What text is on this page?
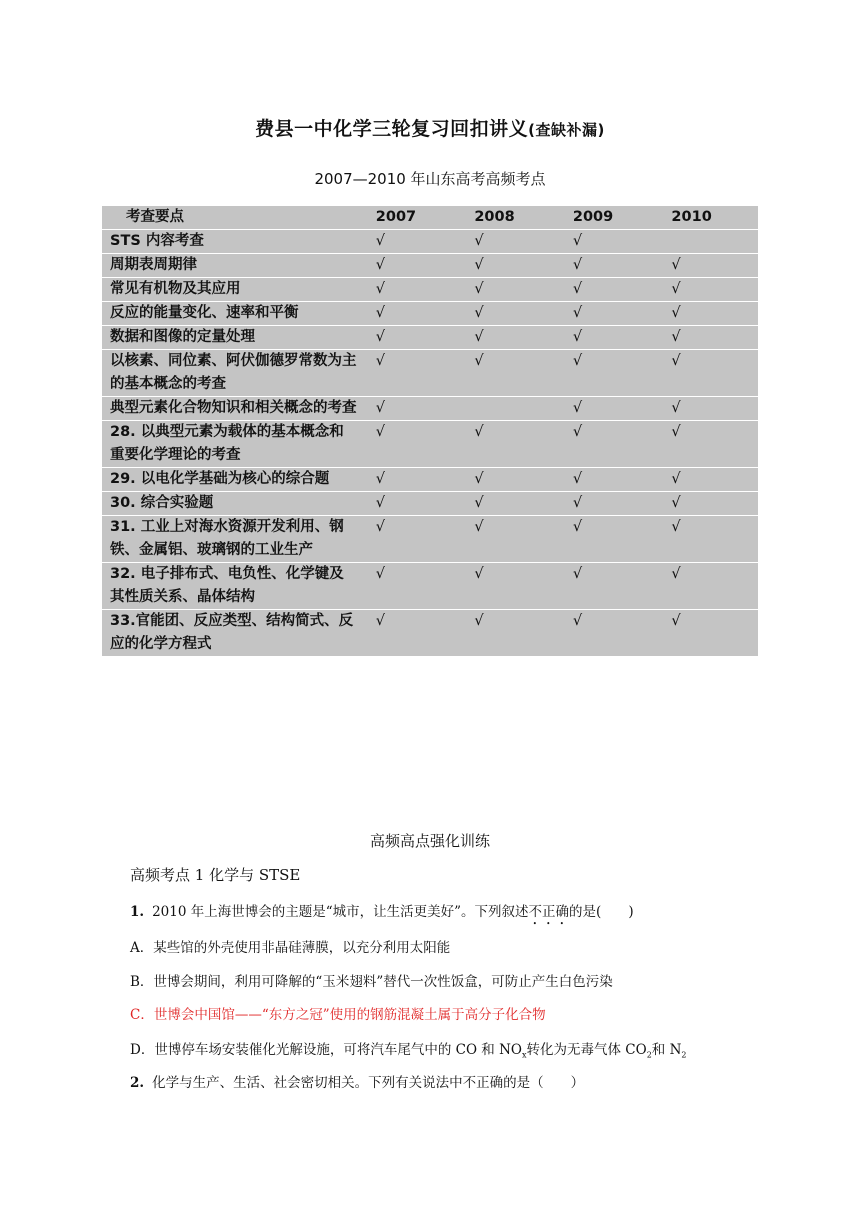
费县一中化学三轮复习回扣讲义(查缺补漏)
2007—2010 年山东高考高频考点
考查要点	2007	2008	2009	2010
STS 内容考查	√	√	√	
周期表周期律	√	√	√	√
常见有机物及其应用	√	√	√	√
反应的能量变化、速率和平衡	√	√	√	√
数据和图像的定量处理	√	√	√	√
以核素、同位素、阿伏伽德罗常数为主的基本概念的考查	√	√	√	√
典型元素化合物知识和相关概念的考查	√		√	√
28. 以典型元素为载体的基本概念和重要化学理论的考查	√	√	√	√
29. 以电化学基础为核心的综合题	√	√	√	√
30. 综合实验题	√	√	√	√
31. 工业上对海水资源开发利用、钢铁、金属铝、玻璃钢的工业生产	√	√	√	√
32. 电子排布式、电负性、化学键及其性质关系、晶体结构	√	√	√	√
33.官能团、反应类型、结构简式、反应的化学方程式	√	√	√	√
高频高点强化训练
高频考点 1 化学与 STSE
1. 2010 年上海世博会的主题是“城市，让生活更美好”。下列叙述不正确的是(　　)
A．某些馆的外壳使用非晶硅薄膜，以充分利用太阳能
B．世博会期间，利用可降解的“玉米翅料”替代一次性饭盒，可防止产生白色污染
C．世博会中国馆——“东方之冠”使用的钢筋混凝土属于高分子化合物
D．世博停车场安装催化光解设施，可将汽车尾气中的 CO 和 $NO_x$转化为无毒气体 $CO_2$和 $N_2$
2. 化学与生产、生活、社会密切相关。下列有关说法中不正确的是（　　）
